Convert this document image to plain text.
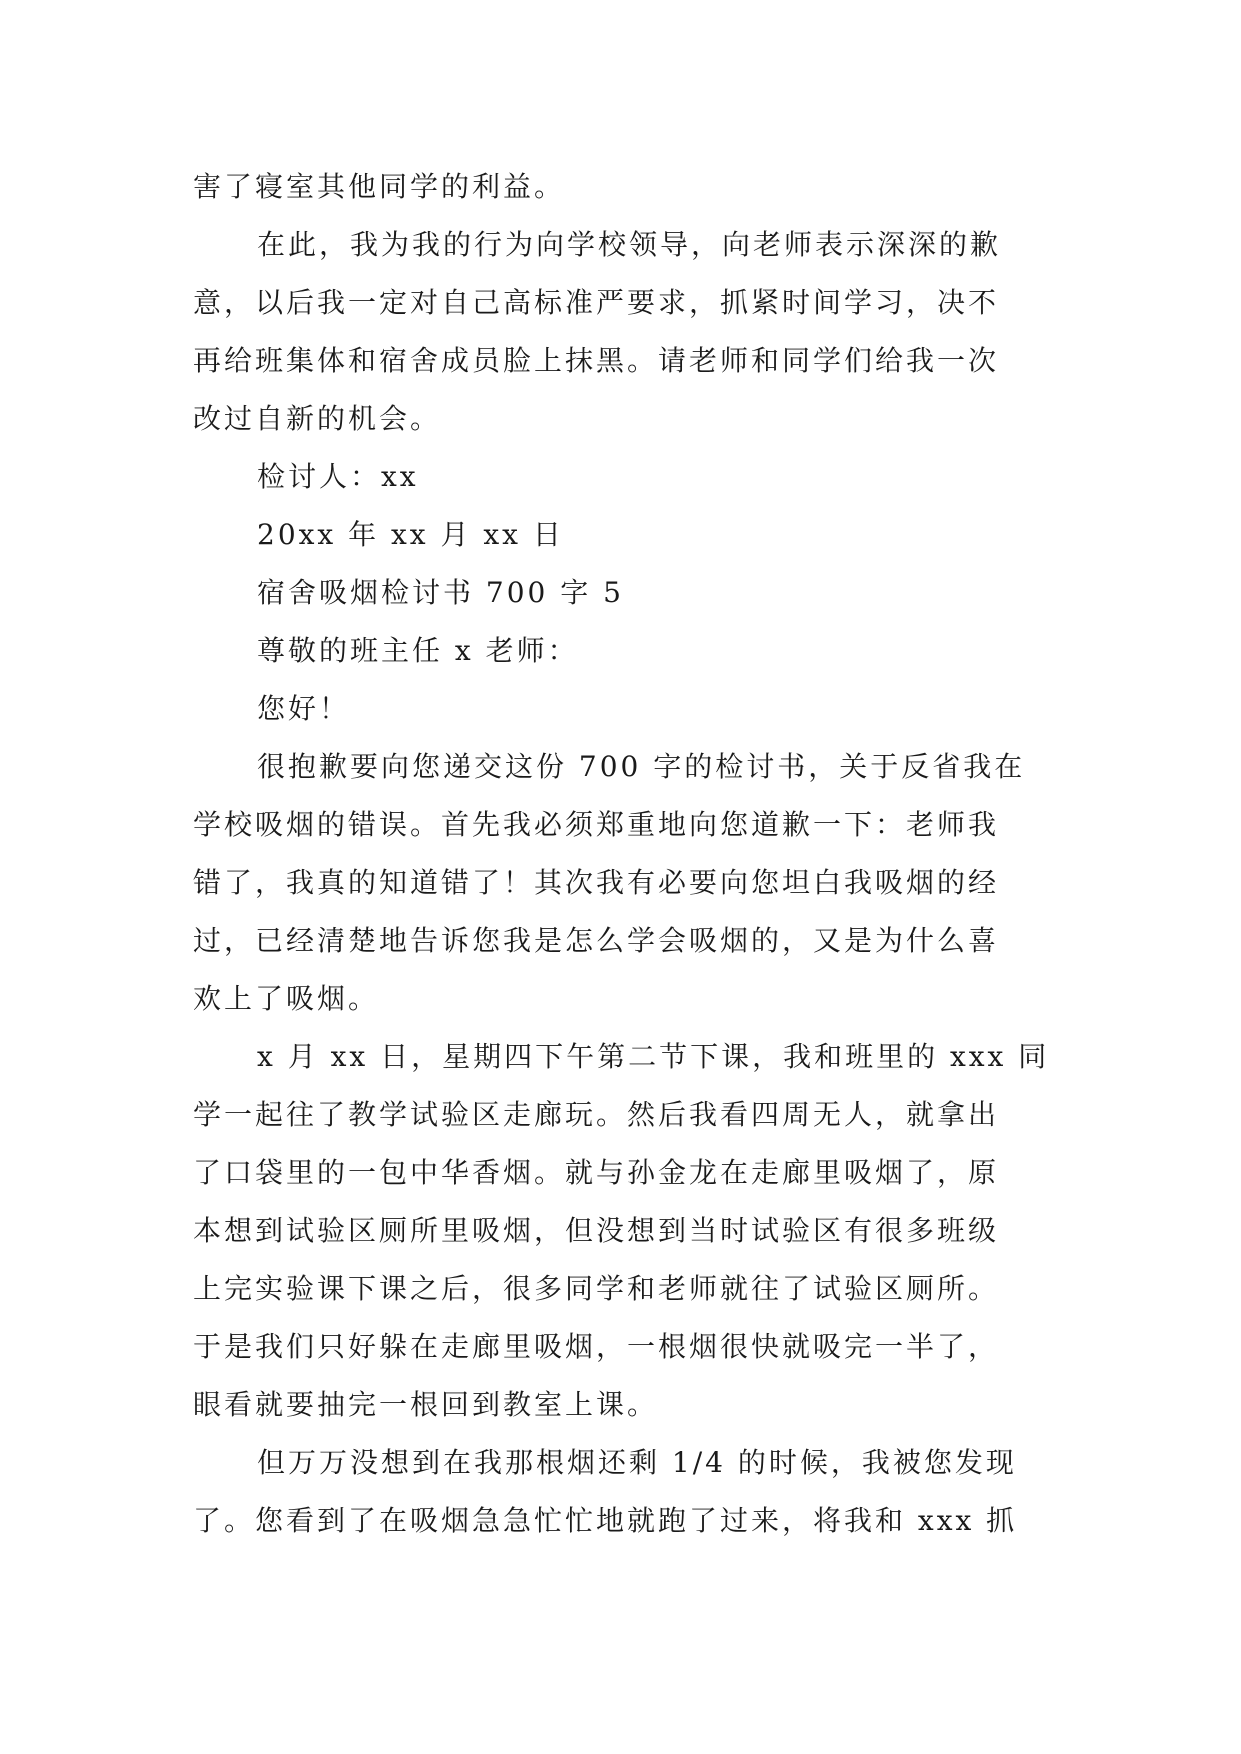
害了寝室其他同学的利益。
在此，我为我的行为向学校领导，向老师表示深深的歉
意，以后我一定对自己高标准严要求，抓紧时间学习，决不
再给班集体和宿舍成员脸上抹黑。请老师和同学们给我一次
改过自新的机会。
检讨人：xx
20xx 年 xx 月 xx 日
宿舍吸烟检讨书 700 字 5
尊敬的班主任 x 老师：
您好！
很抱歉要向您递交这份 700 字的检讨书，关于反省我在
学校吸烟的错误。首先我必须郑重地向您道歉一下：老师我
错了，我真的知道错了！其次我有必要向您坦白我吸烟的经
过，已经清楚地告诉您我是怎么学会吸烟的，又是为什么喜
欢上了吸烟。
x 月 xx 日，星期四下午第二节下课，我和班里的 xxx 同
学一起往了教学试验区走廊玩。然后我看四周无人，就拿出
了口袋里的一包中华香烟。就与孙金龙在走廊里吸烟了，原
本想到试验区厕所里吸烟，但没想到当时试验区有很多班级
上完实验课下课之后，很多同学和老师就往了试验区厕所。
于是我们只好躲在走廊里吸烟，一根烟很快就吸完一半了，
眼看就要抽完一根回到教室上课。
但万万没想到在我那根烟还剩 1/4 的时候，我被您发现
了。您看到了在吸烟急急忙忙地就跑了过来，将我和 xxx 抓
